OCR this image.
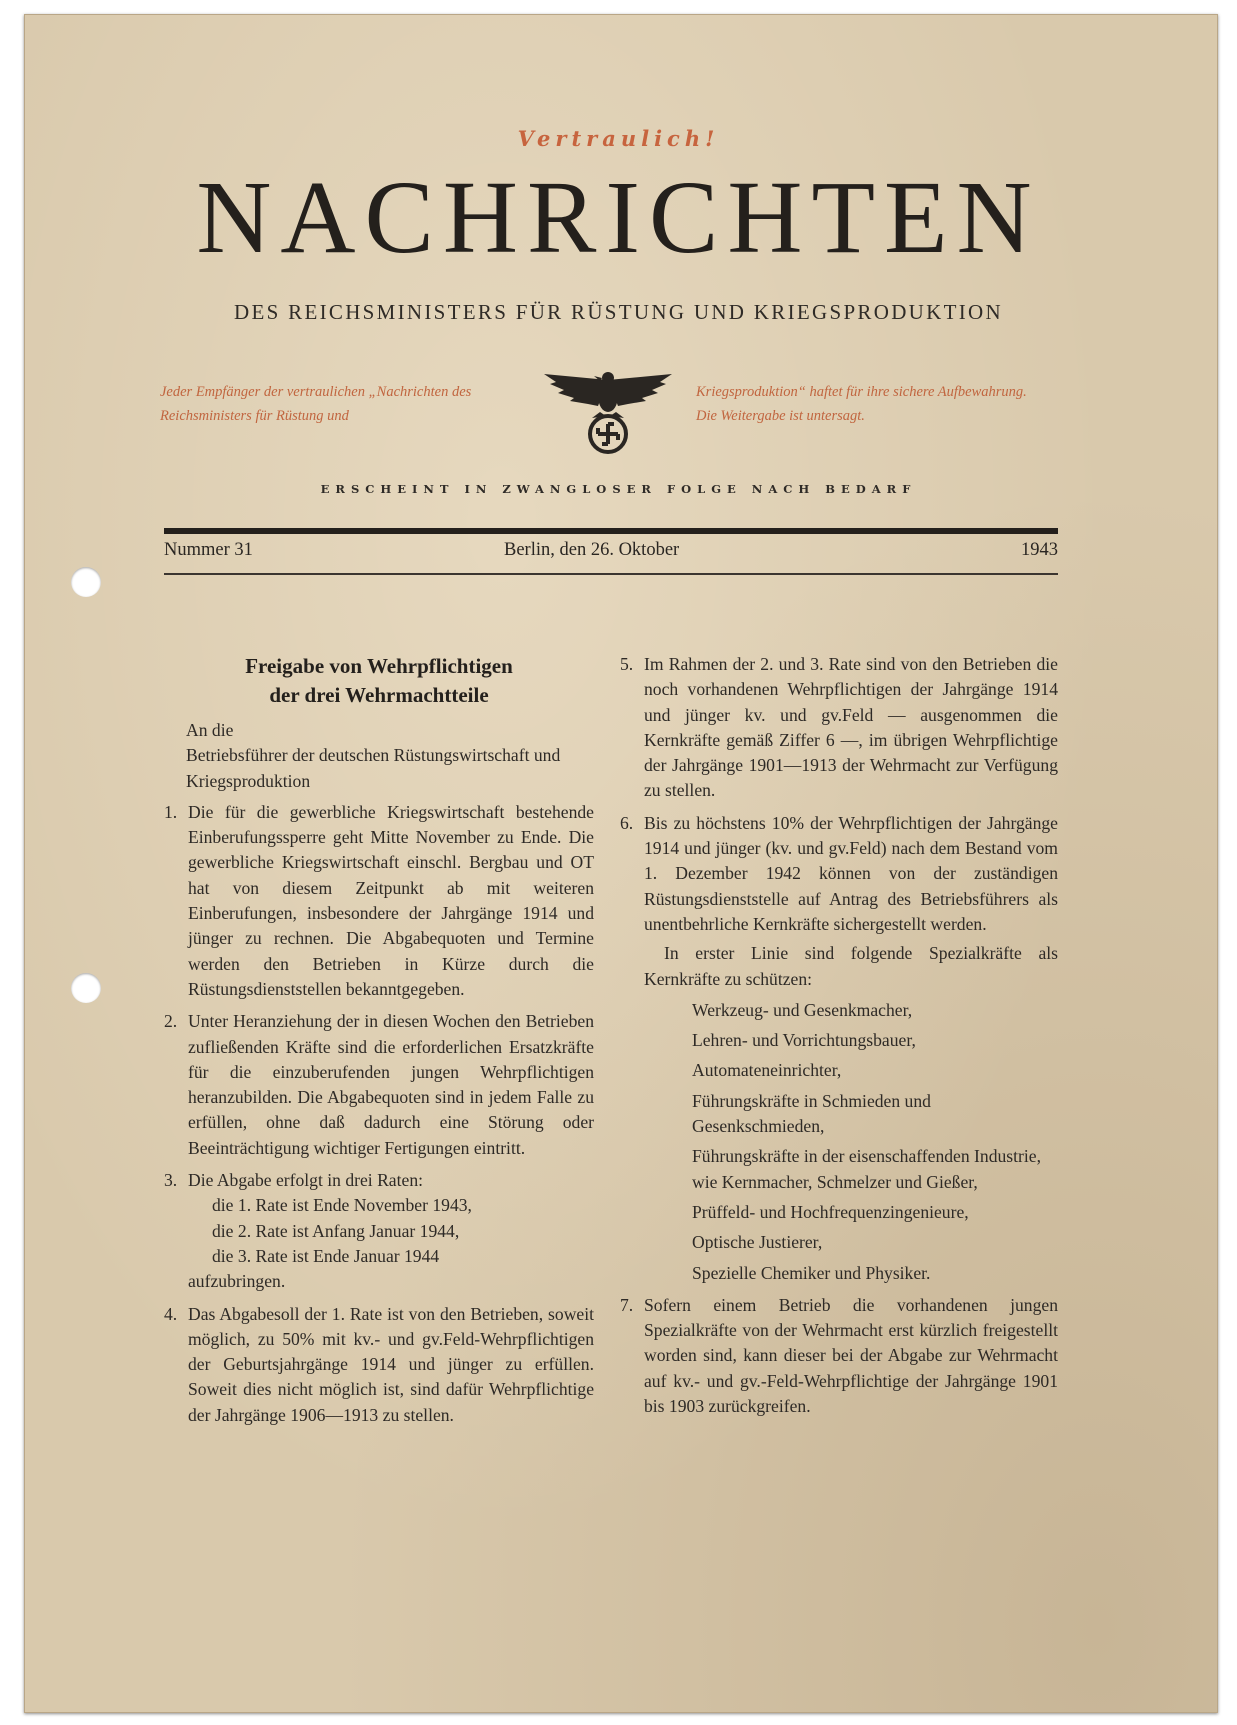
Vertraulich!
NACHRICHTEN
DES REICHSMINISTERS FÜR RÜSTUNG UND KRIEGSPRODUKTION
Jeder Empfänger der vertraulichen „Nachrichten des Reichsministers für Rüstung und
Kriegsproduktion“ haftet für ihre sichere Aufbewahrung. Die Weitergabe ist untersagt.
ERSCHEINT IN ZWANGLOSER FOLGE NACH BEDARF
Nummer 31	Berlin, den 26. Oktober	1943

Freigabe von Wehrpflichtigen
der drei Wehrmachtteile

An die

Betriebsführer der deutschen Rüstungswirtschaft und Kriegsproduktion

1. Die für die gewerbliche Kriegswirtschaft bestehende Einberufungssperre geht Mitte November zu Ende. Die gewerbliche Kriegswirtschaft einschl. Bergbau und OT hat von diesem Zeitpunkt ab mit weiteren Einberufungen, insbesondere der Jahrgänge 1914 und jünger zu rechnen. Die Abgabequoten und Termine werden den Betrieben in Kürze durch die Rüstungsdienststellen bekanntgegeben.
2. Unter Heranziehung der in diesen Wochen den Betrieben zufließenden Kräfte sind die erforderlichen Ersatzkräfte für die einzuberufenden jungen Wehrpflichtigen heranzubilden. Die Abgabequoten sind in jedem Falle zu erfüllen, ohne daß dadurch eine Störung oder Beeinträchtigung wichtiger Fertigungen eintritt.
3. Die Abgabe erfolgt in drei Raten:
die 1. Rate ist Ende November 1943,
die 2. Rate ist Anfang Januar 1944,
die 3. Rate ist Ende Januar 1944
aufzubringen.
4. Das Abgabesoll der 1. Rate ist von den Betrieben, soweit möglich, zu 50% mit kv.- und gv.Feld-Wehrpflichtigen der Geburtsjahrgänge 1914 und jünger zu erfüllen. Soweit dies nicht möglich ist, sind dafür Wehrpflichtige der Jahrgänge 1906—1913 zu stellen.
5. Im Rahmen der 2. und 3. Rate sind von den Betrieben die noch vorhandenen Wehrpflichtigen der Jahrgänge 1914 und jünger kv. und gv.Feld — ausgenommen die Kernkräfte gemäß Ziffer 6 —, im übrigen Wehrpflichtige der Jahrgänge 1901—1913 der Wehrmacht zur Verfügung zu stellen.
6. Bis zu höchstens 10% der Wehrpflichtigen der Jahrgänge 1914 und jünger (kv. und gv.Feld) nach dem Bestand vom 1. Dezember 1942 können von der zuständigen Rüstungsdienststelle auf Antrag des Betriebsführers als unentbehrliche Kernkräfte sichergestellt werden.

In erster Linie sind folgende Spezialkräfte als Kernkräfte zu schützen:

Werkzeug- und Gesenkmacher,

Lehren- und Vorrichtungsbauer,

Automateneinrichter,

Führungskräfte in Schmieden und Gesenkschmieden,

Führungskräfte in der eisenschaffenden Industrie, wie Kernmacher, Schmelzer und Gießer,

Prüffeld- und Hochfrequenzingenieure,

Optische Justierer,

Spezielle Chemiker und Physiker.

7. Sofern einem Betrieb die vorhandenen jungen Spezialkräfte von der Wehrmacht erst kürzlich freigestellt worden sind, kann dieser bei der Abgabe zur Wehrmacht auf kv.- und gv.-Feld-Wehrpflichtige der Jahrgänge 1901 bis 1903 zurückgreifen.
